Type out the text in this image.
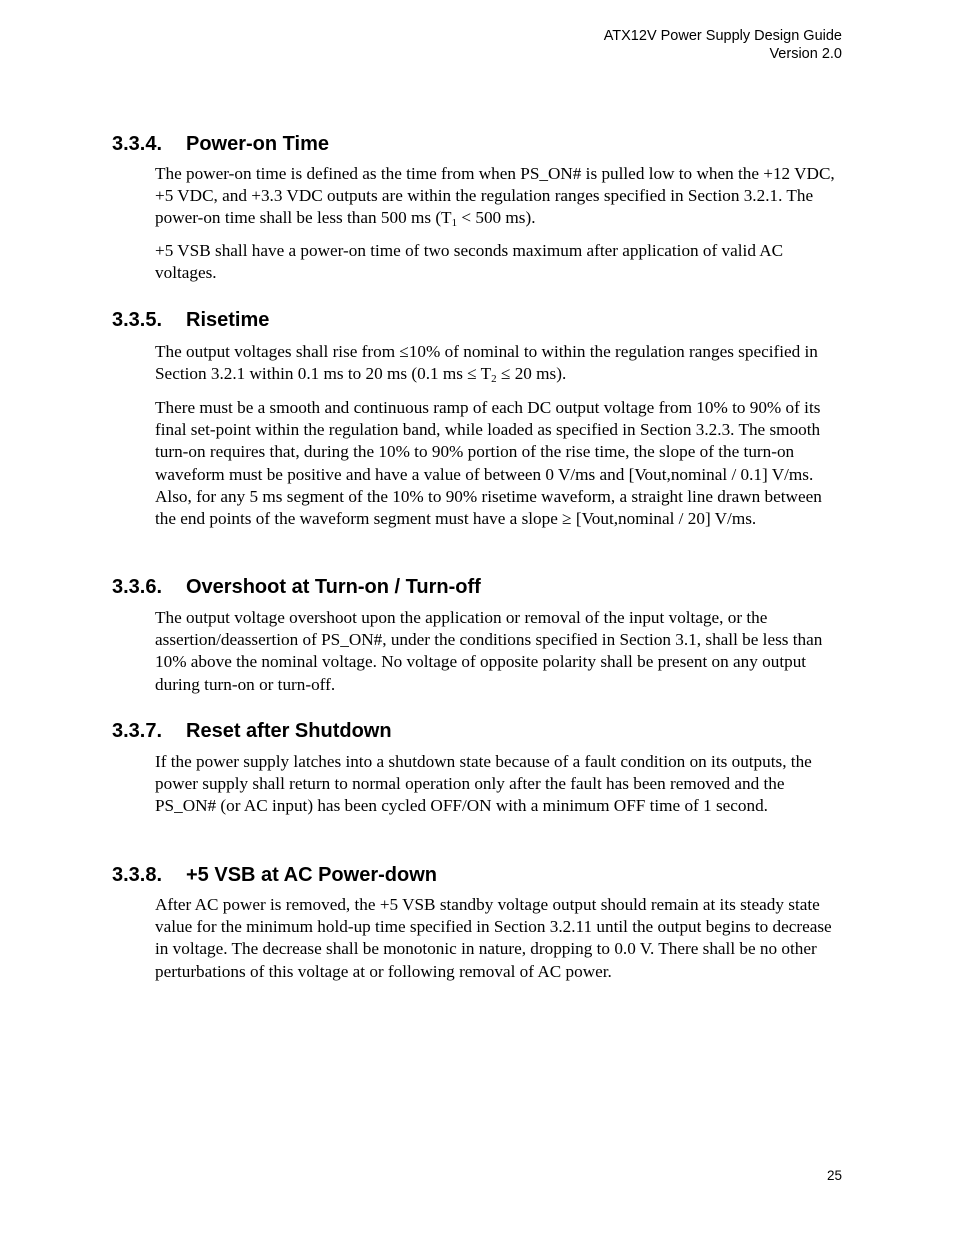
ATX12V Power Supply Design Guide
Version 2.0
3.3.4. Power-on Time

The power-on time is defined as the time from when PS_ON# is pulled low to when the +12 VDC, +5 VDC, and +3.3 VDC outputs are within the regulation ranges specified in Section 3.2.1. The power-on time shall be less than 500 ms ($T_1 < 500$ ms).

+5 VSB shall have a power-on time of two seconds maximum after application of valid AC voltages.

3.3.5. Risetime

The output voltages shall rise from ≤10% of nominal to within the regulation ranges specified in Section 3.2.1 within 0.1 ms to 20 ms (0.1 ms ≤ $T_2 \le 20$ ms).

There must be a smooth and continuous ramp of each DC output voltage from 10% to 90% of its final set-point within the regulation band, while loaded as specified in Section 3.2.3. The smooth turn-on requires that, during the 10% to 90% portion of the rise time, the slope of the turn-on waveform must be positive and have a value of between 0 V/ms and [Vout,nominal / 0.1] V/ms. Also, for any 5 ms segment of the 10% to 90% risetime waveform, a straight line drawn between the end points of the waveform segment must have a slope ≥ [Vout,nominal / 20] V/ms.

3.3.6. Overshoot at Turn-on / Turn-off

The output voltage overshoot upon the application or removal of the input voltage, or the assertion/deassertion of PS_ON#, under the conditions specified in Section 3.1, shall be less than 10% above the nominal voltage. No voltage of opposite polarity shall be present on any output during turn-on or turn-off.

3.3.7. Reset after Shutdown

If the power supply latches into a shutdown state because of a fault condition on its outputs, the power supply shall return to normal operation only after the fault has been removed and the PS_ON# (or AC input) has been cycled OFF/ON with a minimum OFF time of 1 second.

3.3.8. +5 VSB at AC Power-down

After AC power is removed, the +5 VSB standby voltage output should remain at its steady state value for the minimum hold-up time specified in Section 3.2.11 until the output begins to decrease in voltage. The decrease shall be monotonic in nature, dropping to 0.0 V. There shall be no other perturbations of this voltage at or following removal of AC power.

25
